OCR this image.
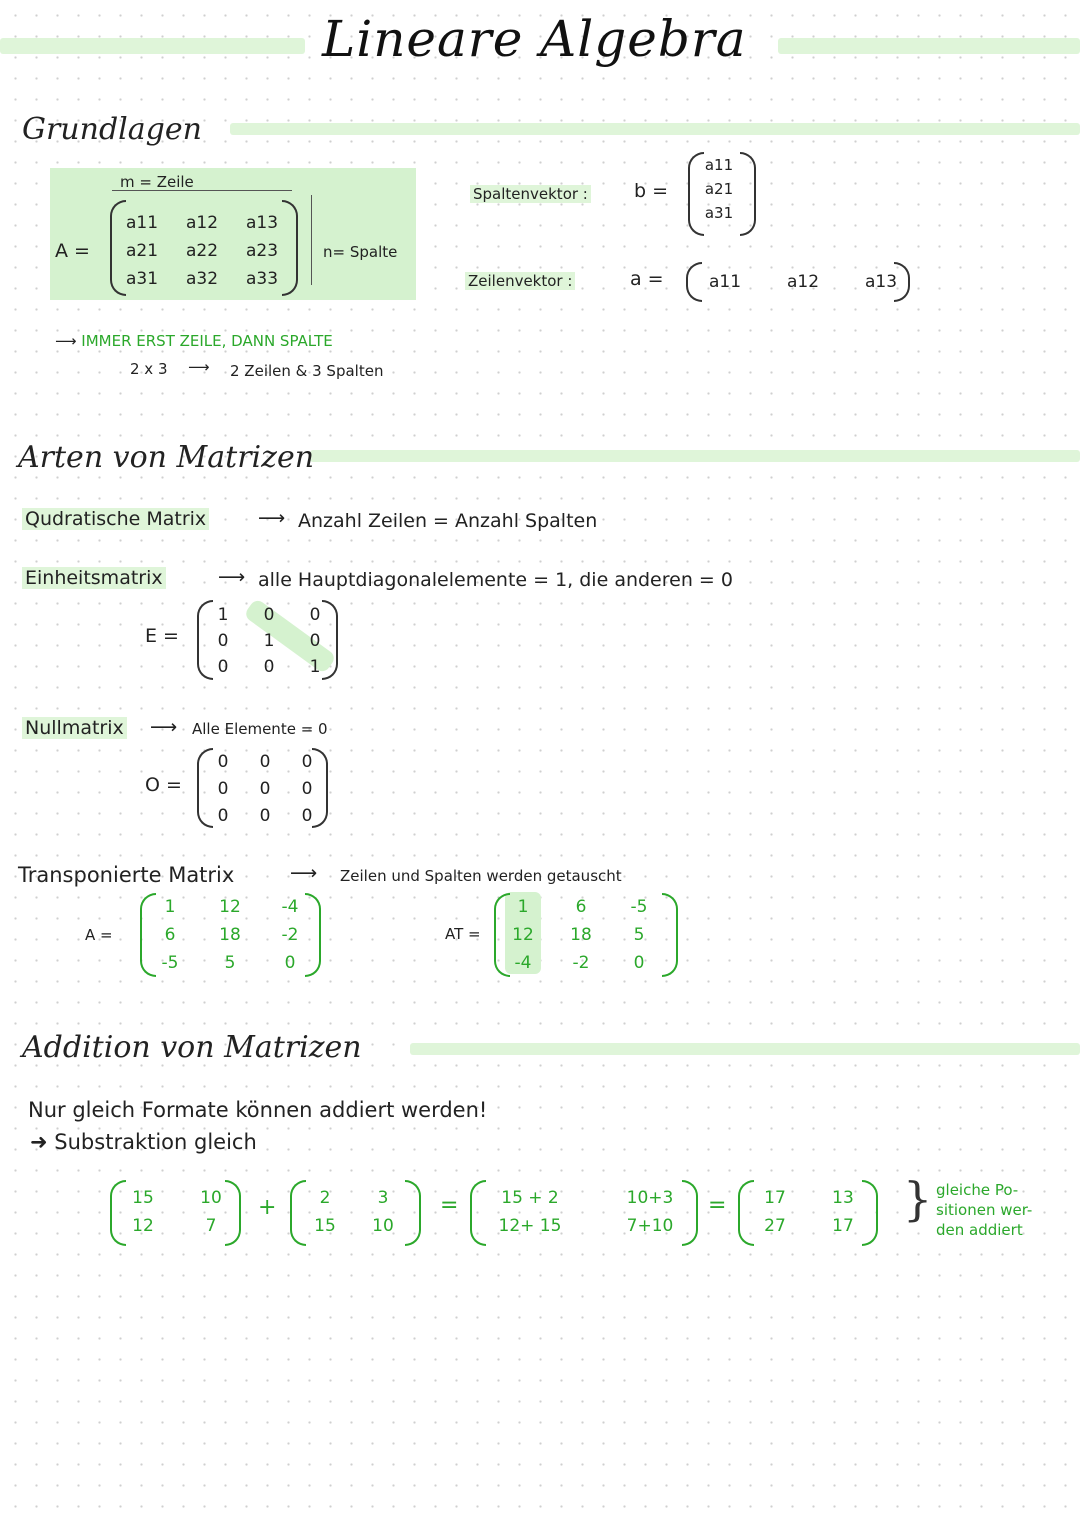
Lineare Algebra
Grundlagen
m = Zeile
A =
a11	a12	a13
a21	a22	a23
a31	a32	a33
n= Spalte
⟶ IMMER ERST ZEILE, DANN SPALTE
2 x 3 ⟶ 2 Zeilen & 3 Spalten
Spaltenvektor : b =
a11
a21
a31
Zeilenvektor :	a =	a11	a12	a13
Arten von Matrizen
Qudratische Matrix	⟶ Anzahl Zeilen = Anzahl Spalten
Einheitsmatrix	⟶ alle Hauptdiagonalelemente = 1, die anderen = 0
E =
1	0	0
0	1	0
0	0	1
Nullmatrix ⟶ Alle Elemente = 0
O =
0	0	0
0	0	0
0	0	0
Transponierte Matrix	⟶ Zeilen und Spalten werden getauscht
A =
1	12	-4
6	18	-2
-5	5	0
AT =
1	6	-5
12	18	5
-4	-2	0
Addition von Matrizen
Nur gleich Formate können addiert werden!
➜ Substraktion gleich
15	10
12	7
+	2	3
15	10
=	15 + 2	10+3
12+ 15	7+10
=	17	13
27	17	} gleiche Po-
sitionen wer-
den addiert
